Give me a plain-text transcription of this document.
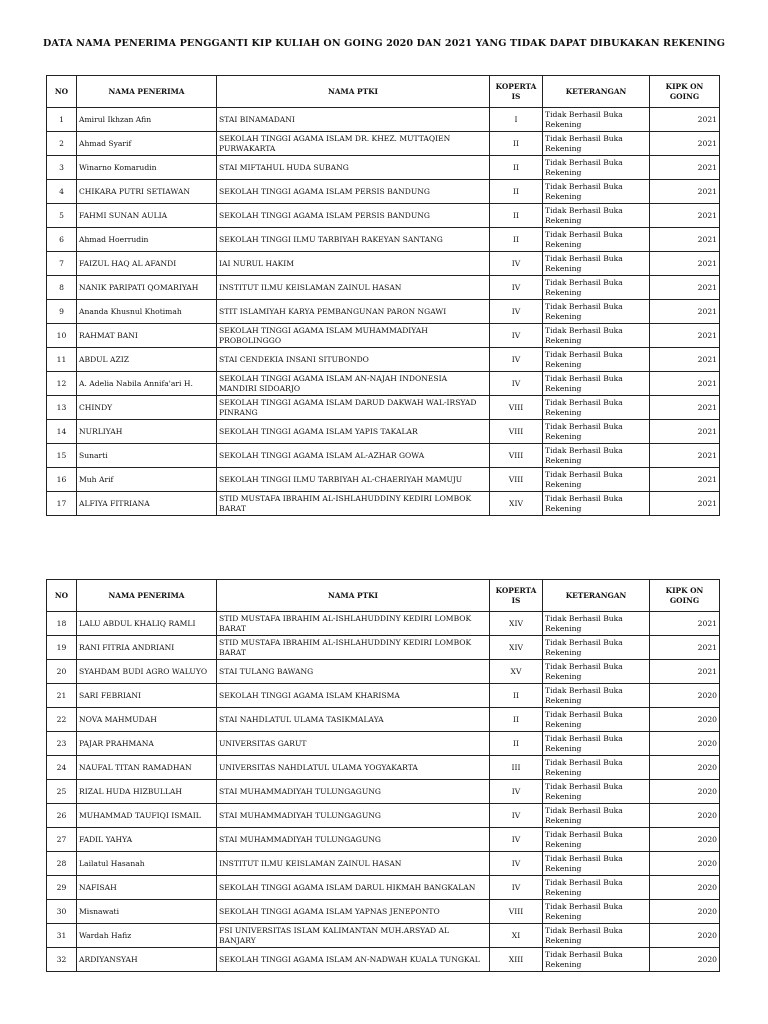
DATA NAMA PENERIMA PENGGANTI KIP KULIAH ON GOING 2020 DAN 2021 YANG TIDAK DAPAT DIBUKAKAN REKENING
NO	NAMA PENERIMA	NAMA PTKI	KOPERTA IS	KETERANGAN	KIPK ON GOING
1	Amirul Ikhzan Afin	STAI BINAMADANI	I	Tidak Berhasil Buka Rekening	2021
2	Ahmad Syarif	SEKOLAH TINGGI AGAMA ISLAM DR. KHEZ. MUTTAQIEN PURWAKARTA	II	Tidak Berhasil Buka Rekening	2021
3	Winarno Komarudin	STAI MIFTAHUL HUDA SUBANG	II	Tidak Berhasil Buka Rekening	2021
4	CHIKARA PUTRI SETIAWAN	SEKOLAH TINGGI AGAMA ISLAM PERSIS BANDUNG	II	Tidak Berhasil Buka Rekening	2021
5	FAHMI SUNAN AULIA	SEKOLAH TINGGI AGAMA ISLAM PERSIS BANDUNG	II	Tidak Berhasil Buka Rekening	2021
6	Ahmad Hoerrudin	SEKOLAH TINGGI ILMU TARBIYAH RAKEYAN SANTANG	II	Tidak Berhasil Buka Rekening	2021
7	FAIZUL HAQ AL AFANDI	IAI NURUL HAKIM	IV	Tidak Berhasil Buka Rekening	2021
8	NANIK PARIPATI QOMARIYAH	INSTITUT ILMU KEISLAMAN ZAINUL HASAN	IV	Tidak Berhasil Buka Rekening	2021
9	Ananda Khusnul Khotimah	STIT ISLAMIYAH KARYA PEMBANGUNAN PARON NGAWI	IV	Tidak Berhasil Buka Rekening	2021
10	RAHMAT BANI	SEKOLAH TINGGI AGAMA ISLAM MUHAMMADIYAH PROBOLINGGO	IV	Tidak Berhasil Buka Rekening	2021
11	ABDUL AZIZ	STAI CENDEKIA INSANI SITUBONDO	IV	Tidak Berhasil Buka Rekening	2021
12	A. Adelia Nabila Annifa'ari H.	SEKOLAH TINGGI AGAMA ISLAM AN-NAJAH INDONESIA MANDIRI SIDOARJO	IV	Tidak Berhasil Buka Rekening	2021
13	CHINDY	SEKOLAH TINGGI AGAMA ISLAM DARUD DAKWAH WAL-IRSYAD PINRANG	VIII	Tidak Berhasil Buka Rekening	2021
14	NURLIYAH	SEKOLAH TINGGI AGAMA ISLAM YAPIS TAKALAR	VIII	Tidak Berhasil Buka Rekening	2021
15	Sunarti	SEKOLAH TINGGI AGAMA ISLAM AL-AZHAR GOWA	VIII	Tidak Berhasil Buka Rekening	2021
16	Muh Arif	SEKOLAH TINGGI ILMU TARBIYAH AL-CHAERIYAH MAMUJU	VIII	Tidak Berhasil Buka Rekening	2021
17	ALFIYA FITRIANA	STID MUSTAFA IBRAHIM AL-ISHLAHUDDINY KEDIRI LOMBOK BARAT	XIV	Tidak Berhasil Buka Rekening	2021
NO	NAMA PENERIMA	NAMA PTKI	KOPERTA IS	KETERANGAN	KIPK ON GOING
18	LALU ABDUL KHALIQ RAMLI	STID MUSTAFA IBRAHIM AL-ISHLAHUDDINY KEDIRI LOMBOK BARAT	XIV	Tidak Berhasil Buka Rekening	2021
19	RANI FITRIA ANDRIANI	STID MUSTAFA IBRAHIM AL-ISHLAHUDDINY KEDIRI LOMBOK BARAT	XIV	Tidak Berhasil Buka Rekening	2021
20	SYAHDAM BUDI AGRO WALUYO	STAI TULANG BAWANG	XV	Tidak Berhasil Buka Rekening	2021
21	SARI FEBRIANI	SEKOLAH TINGGI AGAMA ISLAM KHARISMA	II	Tidak Berhasil Buka Rekening	2020
22	NOVA MAHMUDAH	STAI NAHDLATUL ULAMA TASIKMALAYA	II	Tidak Berhasil Buka Rekening	2020
23	PAJAR PRAHMANA	UNIVERSITAS GARUT	II	Tidak Berhasil Buka Rekening	2020
24	NAUFAL TITAN RAMADHAN	UNIVERSITAS NAHDLATUL ULAMA YOGYAKARTA	III	Tidak Berhasil Buka Rekening	2020
25	RIZAL HUDA HIZBULLAH	STAI MUHAMMADIYAH TULUNGAGUNG	IV	Tidak Berhasil Buka Rekening	2020
26	MUHAMMAD TAUFIQI ISMAIL	STAI MUHAMMADIYAH TULUNGAGUNG	IV	Tidak Berhasil Buka Rekening	2020
27	FADIL YAHYA	STAI MUHAMMADIYAH TULUNGAGUNG	IV	Tidak Berhasil Buka Rekening	2020
28	Lailatul Hasanah	INSTITUT ILMU KEISLAMAN ZAINUL HASAN	IV	Tidak Berhasil Buka Rekening	2020
29	NAFISAH	SEKOLAH TINGGI AGAMA ISLAM DARUL HIKMAH BANGKALAN	IV	Tidak Berhasil Buka Rekening	2020
30	Misnawati	SEKOLAH TINGGI AGAMA ISLAM YAPNAS JENEPONTO	VIII	Tidak Berhasil Buka Rekening	2020
31	Wardah Hafiz	FSI UNIVERSITAS ISLAM KALIMANTAN MUH.ARSYAD AL BANJARY	XI	Tidak Berhasil Buka Rekening	2020
32	ARDIYANSYAH	SEKOLAH TINGGI AGAMA ISLAM AN-NADWAH KUALA TUNGKAL	XIII	Tidak Berhasil Buka Rekening	2020
